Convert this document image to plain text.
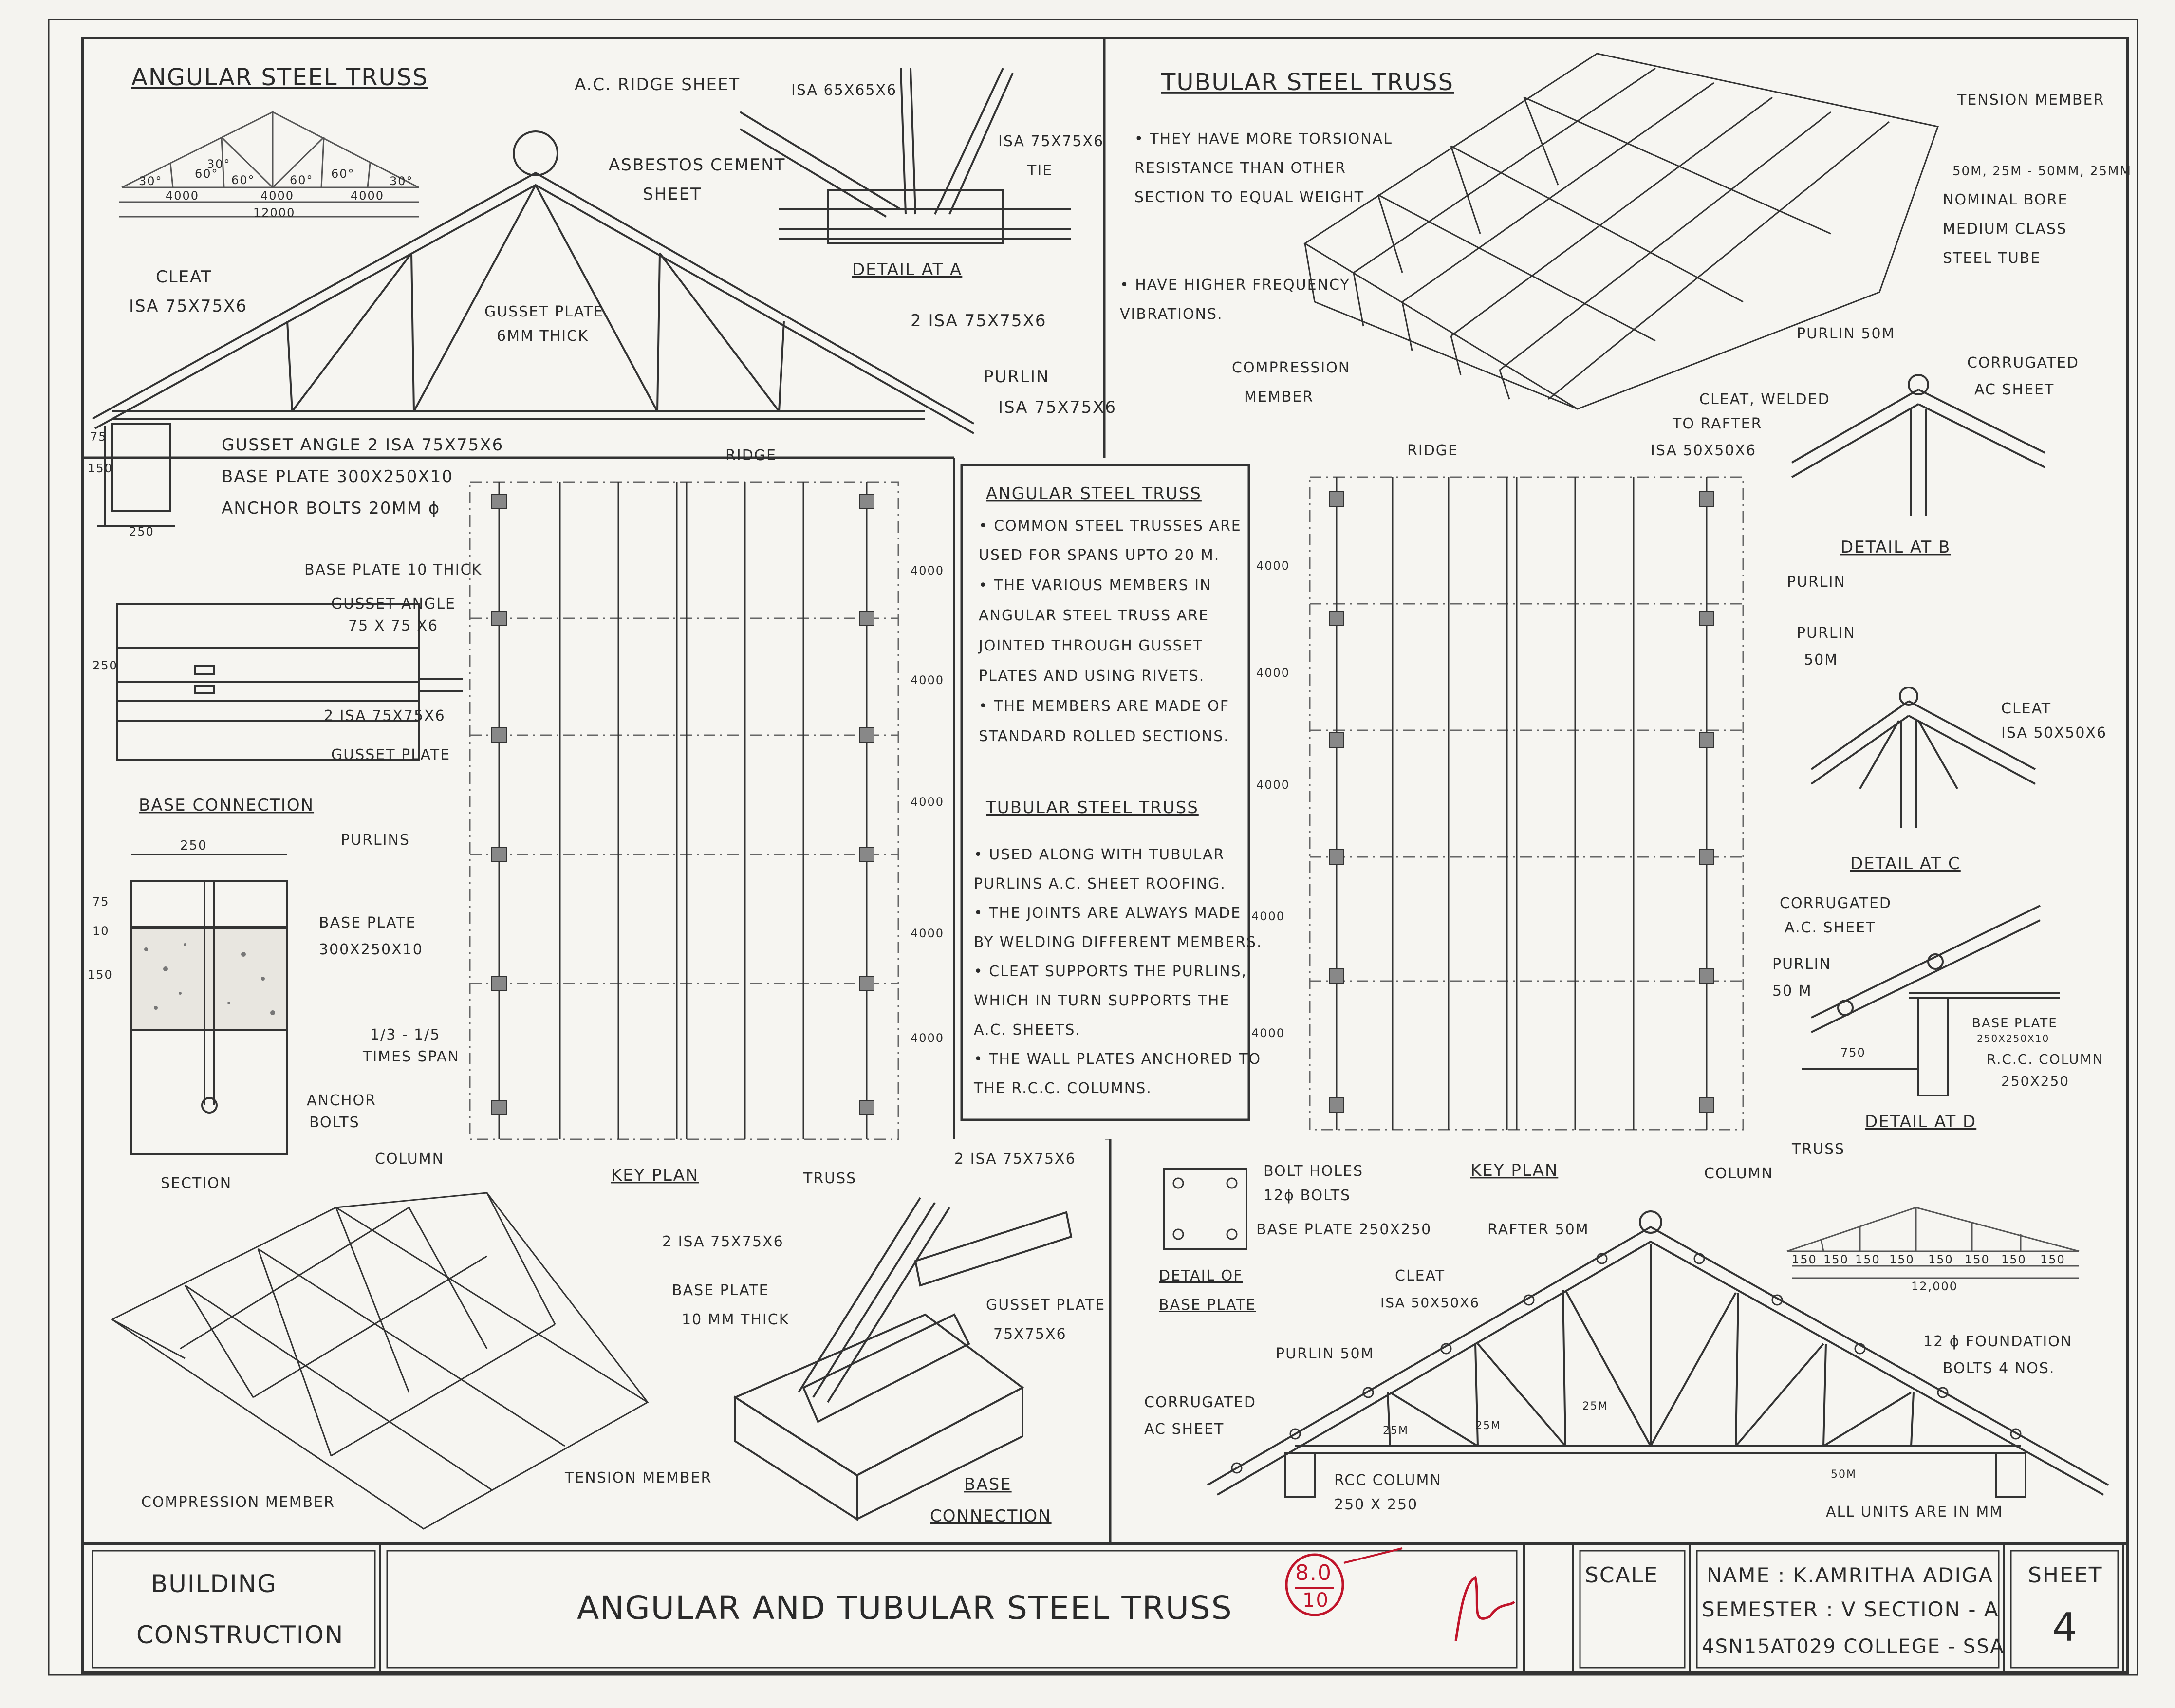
ANGULAR STEEL TRUSS
30°
60° 60°	60°	30°
60°
30°
4000	4000	4000
12000
A.C. RIDGE SHEET
ASBESTOS CEMENT
SHEET
CLEAT
ISA 75X75X6	GUSSET PLATE
6MM THICK
2 ISA 75X75X6
PURLIN
ISA 75X75X6
GUSSET ANGLE 2 ISA 75X75X6
BASE PLATE 300X250X10
ANCHOR BOLTS 20MM ϕ
75
150
250
DETAIL AT A
ISA 65X65X6
ISA 75X75X6
TIE
BASE PLATE 10 THICK
GUSSET ANGLE
75 X 75 X6
2 ISA 75X75X6
GUSSET PLATE
250
BASE CONNECTION
250
75
10
150
BASE PLATE
300X250X10
ANCHOR
BOLTS
SECTION
1/3 - 1/5
TIMES SPAN
KEY PLAN
RIDGE
PURLINS
COLUMN
TRUSS
4000
4000
4000
4000
4000
ANGULAR STEEL TRUSS
• COMMON STEEL TRUSSES ARE
USED FOR SPANS UPTO 20 M.
• THE VARIOUS MEMBERS IN
ANGULAR STEEL TRUSS ARE
JOINTED THROUGH GUSSET
PLATES AND USING RIVETS.
• THE MEMBERS ARE MADE OF
STANDARD ROLLED SECTIONS.
TUBULAR STEEL TRUSS
• USED ALONG WITH TUBULAR
PURLINS A.C. SHEET ROOFING.
• THE JOINTS ARE ALWAYS MADE
BY WELDING DIFFERENT MEMBERS.
• CLEAT SUPPORTS THE PURLINS,
WHICH IN TURN SUPPORTS THE
A.C. SHEETS.
• THE WALL PLATES ANCHORED TO
THE R.C.C. COLUMNS.
COMPRESSION MEMBER
TENSION MEMBER
2 ISA 75X75X6
2 ISA 75X75X6
BASE PLATE
10 MM THICK
GUSSET PLATE
75X75X6
BASE
CONNECTION
TUBULAR STEEL TRUSS
• THEY HAVE MORE TORSIONAL
RESISTANCE THAN OTHER
SECTION TO EQUAL WEIGHT
• HAVE HIGHER FREQUENCY
VIBRATIONS.
TENSION MEMBER
50M, 25M - 50MM, 25MM
NOMINAL BORE
MEDIUM CLASS
STEEL TUBE
COMPRESSION
MEMBER
DETAIL AT B
PURLIN 50M
CORRUGATED
AC SHEET
CLEAT, WELDED
TO RAFTER
ISA 50X50X6
KEY PLAN
RIDGE
PURLIN
COLUMN
TRUSS
4000
4000
4000
4000
4000
DETAIL AT C
PURLIN
50M
CLEAT
ISA 50X50X6
DETAIL AT D
CORRUGATED
A.C. SHEET
PURLIN
50 M
BASE PLATE
250X250X10
R.C.C. COLUMN
250X250
750
BOLT HOLES
12ϕ BOLTS
BASE PLATE 250X250
DETAIL OF
BASE PLATE
150 150 150 150 150 150 150 150
12,000
RAFTER 50M
CLEAT
ISA 50X50X6
PURLIN 50M
CORRUGATED
AC SHEET
RCC COLUMN
250 X 250
12 ϕ FOUNDATION
BOLTS 4 NOS.
ALL UNITS ARE IN MM
25M	25M
25M
50M
BUILDING
CONSTRUCTION
ANGULAR AND TUBULAR STEEL TRUSS
8.0
10
SCALE NAME : K.AMRITHA ADIGA
SEMESTER : V SECTION - A
4SN15AT029 COLLEGE - SSA
SHEET
4
